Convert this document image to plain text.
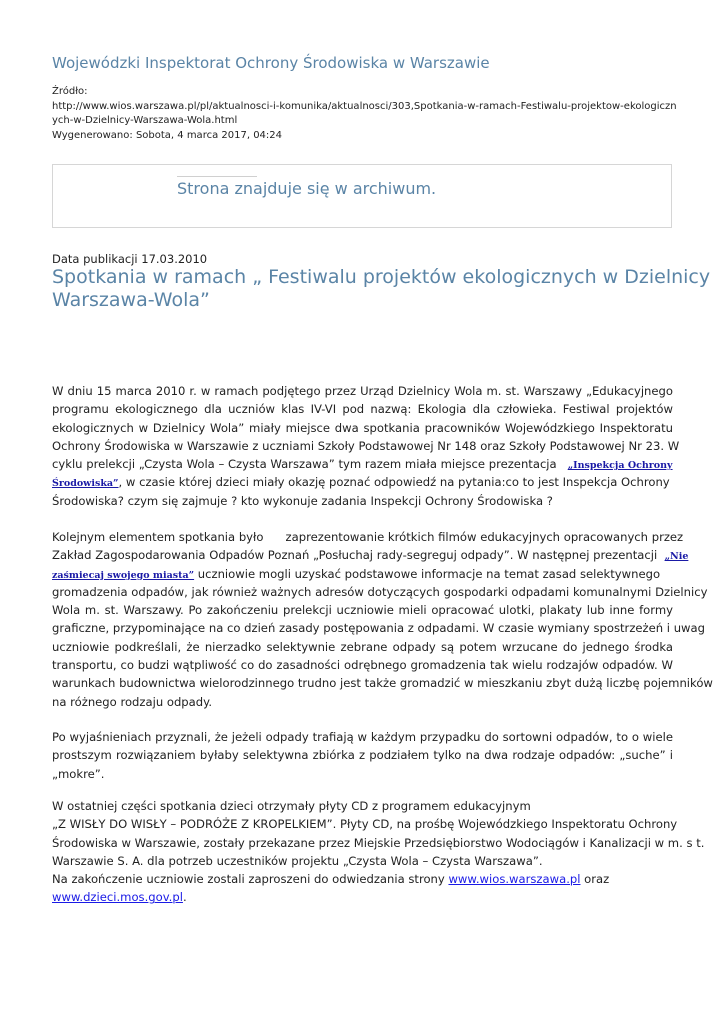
Wojewódzki Inspektorat Ochrony Środowiska w Warszawie
Źródło:
http://www.wios.warszawa.pl/pl/aktualnosci-i-komunika/aktualnosci/303,Spotkania-w-ramach-Festiwalu-projektow-ekologiczn
ych-w-Dzielnicy-Warszawa-Wola.html
Wygenerowano: Sobota, 4 marca 2017, 04:24
Strona znajduje się w archiwum.
Data publikacji 17.03.2010
Spotkania w ramach „ Festiwalu projektów ekologicznych w Dzielnicy
Warszawa-Wola”
W dniu 15 marca 2010 r. w ramach podjętego przez Urząd Dzielnicy Wola m. st. Warszawy „Edukacyjnego
programu ekologicznego dla uczniów klas IV-VI pod nazwą: Ekologia dla człowieka. Festiwal projektów
ekologicznych w Dzielnicy Wola” miały miejsce dwa spotkania pracowników Wojewódzkiego Inspektoratu
Ochrony Środowiska w Warszawie z uczniami Szkoły Podstawowej Nr 148 oraz Szkoły Podstawowej Nr 23. W
cyklu prelekcji „Czysta Wola – Czysta Warszawa” tym razem miała miejsce prezentacja „Inspekcja Ochrony
Środowiska”, w czasie której dzieci miały okazję poznać odpowiedź na pytania:co to jest Inspekcja Ochrony
Środowiska? czym się zajmuje ? kto wykonuje zadania Inspekcji Ochrony Środowiska ?
Kolejnym elementem spotkania było      zaprezentowanie krótkich filmów edukacyjnych opracowanych przez
Zakład Zagospodarowania Odpadów Poznań „Posłuchaj rady-segreguj odpady”. W następnej prezentacji „Nie
zaśmiecaj swojego miasta” uczniowie mogli uzyskać podstawowe informacje na temat zasad selektywnego
gromadzenia odpadów, jak również ważnych adresów dotyczących gospodarki odpadami komunalnymi Dzielnicy
Wola m. st. Warszawy. Po zakończeniu prelekcji uczniowie mieli opracować ulotki, plakaty lub inne formy
graficzne, przypominające na co dzień zasady postępowania z odpadami. W czasie wymiany spostrzeżeń i uwag
uczniowie podkreślali, że nierzadko selektywnie zebrane odpady są potem wrzucane do jednego środka
transportu, co budzi wątpliwość co do zasadności odrębnego gromadzenia tak wielu rodzajów odpadów. W
warunkach budownictwa wielorodzinnego trudno jest także gromadzić w mieszkaniu zbyt dużą liczbę pojemników
na różnego rodzaju odpady.
Po wyjaśnieniach przyznali, że jeżeli odpady trafiają w każdym przypadku do sortowni odpadów, to o wiele
prostszym rozwiązaniem byłaby selektywna zbiórka z podziałem tylko na dwa rodzaje odpadów: „suche” i
„mokre”.
W ostatniej części spotkania dzieci otrzymały płyty CD z programem edukacyjnym
„Z WISŁY DO WISŁY – PODRÓŻE Z KROPELKIEM”. Płyty CD, na prośbę Wojewódzkiego Inspektoratu Ochrony
Środowiska w Warszawie, zostały przekazane przez Miejskie Przedsiębiorstwo Wodociągów i Kanalizacji w m. s t.
Warszawie S. A. dla potrzeb uczestników projektu „Czysta Wola – Czysta Warszawa”.
Na zakończenie uczniowie zostali zaproszeni do odwiedzania strony www.wios.warszawa.pl oraz
www.dzieci.mos.gov.pl.
